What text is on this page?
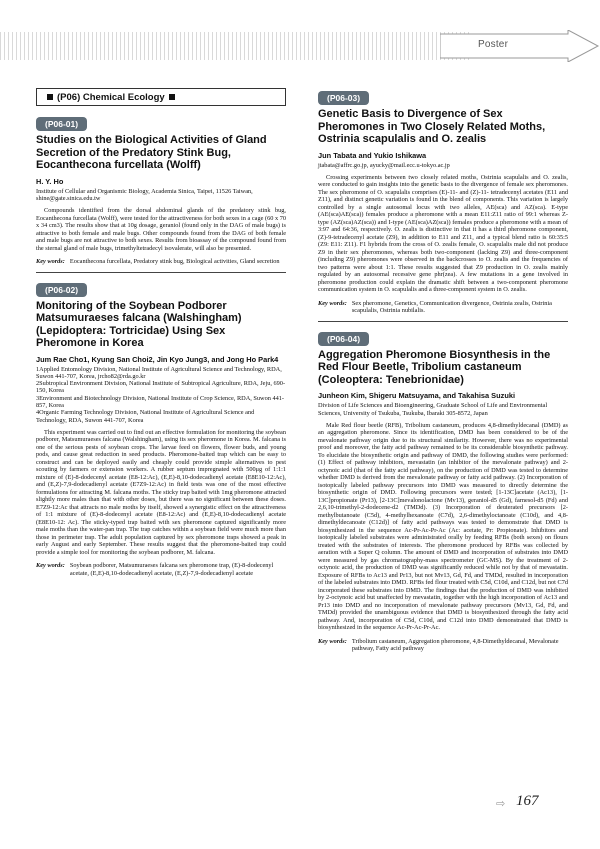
Poster
(P06) Chemical Ecology
(P06-01)
Studies on the Biological Activities of Gland Secretion of the Predatory Stink Bug, Eocanthecona furcellata (Wolff)
H. Y. Ho
Institute of Cellular and Organismic Biology, Academia Sinica, Taipei, 11526 Taiwan, shine@gate.sinica.edu.tw
Compounds identified from the dorsal abdominal glands of the predatory stink bug, Eocanthecona furcellata (Wolff), were tested for the attractiveness for both sexes in a cage (60 x 70 x 34 cm3). The results show that at 10g dosage, geraniol (found only in the DAG of male bugs) is attractive to both female and male bugs. Other compounds found from the DAG of both female and male bugs are not attractive to both sexes. Results from bioassay of the compound found from the sternal gland of male bugs, trimethyltetradecyl isovalerate, will also be presented.
Key words: Eocanthecona furcellata, Predatory stink bug, Biological activities, Gland secretion
(P06-02)
Monitoring of the Soybean Podborer Matsumuraeses falcana (Walshingham) (Lepidoptera: Tortricidae) Using Sex Pheromone in Korea
Jum Rae Cho1, Kyung San Choi2, Jin Kyo Jung3, and Jong Ho Park4
1Applied Entomology Division, National Institute of Agricultural Science and Technology, RDA, Suwon 441-707, Korea, jrcho82@rda.go.kr
2Subtropical Environment Division, National Institute of Subtropical Agriculture, RDA, Jeju, 690-150, Korea
3Environment and Biotechnology Division, National Institute of Crop Science, RDA, Suwon 441-857, Korea
4Organic Farming Technology Division, National Institute of Agricultural Science and Technology, RDA, Suwon 441-707, Korea
This experiment was carried out to find out an effective formulation for monitoring the soybean podborer, Matsumuraeses falcana (Walshingham), using its sex pheromone in Korea. M. falcana is one of the serious pests of soybean crops. The larvae feed on flowers, flower buds, and young pods, and cause great reduction in seed products. Pheromone-baited trap which can be easy to construct and can be deployed easily and cheaply could provide simple alternatives to pest scouting by farmers or extension workers. A rubber septum impregnated with 500μg of 1:1:1 mixture of (E)-8-dodecenyl acetate (E8-12:Ac), (E,E)-8,10-dodecadienyl acetate (E8E10-12:Ac), and (E,Z)-7,9-dodecadienyl acetate (E7Z9-12:Ac) in field tests was one of the most effective formulations for attracting M. falcana moths. The sticky trap baited with 1mg pheromone attracted slightly more males than that with other doses, but there was no significant between these doses. E7Z9-12:Ac that attracts no male moths by itself, showed a synergistic effect on the attractiveness of 1:1 mixture of (E)-8-dodecenyl acetate (E8-12:Ac) and (E,E)-8,10-dodecadienyl acetate (E8E10-12: Ac). The sticky-typed trap baited with sex pheromone captured significantly more male moths than the water-pan trap. The trap catches within a soybean field were much more than those in perimeter trap. The adult population captured by sex pheromone traps showed a peak in early August and early September. These results suggest that the pheromone-baited trap could provide a simple tool for monitoring the soybean podborer, M. falcana.
Key words: Soybean podborer, Matsumuraeses falcana sex pheromone trap, (E)-8-dodecenyl acetate, (E,E)-8,10-dodecadienyl acetate, (E,Z)-7,9-dodecadienyl acetate
(P06-03)
Genetic Basis to Divergence of Sex Pheromones in Two Closely Related Moths, Ostrinia scapulalis and O. zealis
Jun Tabata and Yukio Ishikawa
jtabata@affrc.go.jp, ayucky@mail.ecc.u-tokyo.ac.jp
Crossing experiments between two closely related moths, Ostrinia scapulalis and O. zealis, were conducted to gain insights into the genetic basis to the divergence of female sex pheromones. The sex pheromone of O. scapulalis comprises (E)-11- and (Z)-11- tetradecenyl acetates (E11 and Z11), and distinct genetic variation is found in the blend of components. This variation is largely controlled by a single autosomal locus with two alleles, AE(sca) and AZ(sca). E-type (AE(sca)AE(sca)) females produce a pheromone with a mean E11:Z11 ratio of 99:1 whereas Z-type (AZ(sca)AZ(sca)) and I-type (AE(sca)AZ(sca)) females produce a pheromone with a mean of 3:97 and 64:36, respectively. O. zealis is distinctive in that it has a third pheromone component, (Z)-9-tetradecenyl acetate (Z9), in addition to E11 and Z11, and a typical blend ratio is 60:35:5 (Z9: E11: Z11). F1 hybrids from the cross of O. zealis female, O. scapulalis male did not produce Z9 in their sex pheromones, whereas both two-component (lacking Z9) and three-component (including Z9) pheromones were observed in the backcrosses to O. zealis and the frequencies of two patterns were about 1:1. These results suggested that Z9 production in O. zealis mainly regulated by an autosomal recessive gene phr(zea). A few mutations in a gene involved in pheromone production could explain the dramatic shift between a two-component pheromone communication system in O. scapulalis and a three-component system in O. zealis.
Key words: Sex pheromone, Genetics, Communication divergence, Ostrinia zealis, Ostrinia scapulalis, Ostrinia nubilalis.
(P06-04)
Aggregation Pheromone Biosynthesis in the Red Flour Beetle, Tribolium castaneum (Coleoptera: Tenebrionidae)
Junheon Kim, Shigeru Matsuyama, and Takahisa Suzuki
Division of Life Sciences and Bioengineering, Graduate School of Life and Environmental Sciences, University of Tsukuba, Tsukuba, Ibaraki 305-8572, Japan
Male Red flour beetle (RFB), Tribolium castaneum, produces 4,8-dimethyldecanal (DMD) as an aggregation pheromone. Since its identification, DMD has been considered to be of the mevalonate pathway origin due to its structural similarity. However, there was no experimental proof and moreover, the fatty acid pathway remained to be its considerable biosynthetic pathway. To elucidate the biosynthetic origin and pathway of DMD, the following studies were performed: (1) Effect of pathway inhibitors, mevastatin (an inhibitor of the mevalonate pathway) and 2-octynoic acid (that of the fatty acid pathway), on the production of DMD was tested to determine whether DMD is derived from the mevalonate pathway or fatty acid pathway. (2) Incorporation of isotopically labeled pathway precursors into DMD was measured to directly determine the biosynthetic origin of DMD. Following precursors were tested; [1-13C]acetate (Ac13), [1-13C]propionate (Pr13), [2-13C]mevalonolactone (Mv13), geraniol-d5 (Gd), farnesol-d5 (Fd) and 2,6,10-trimethyl-2-dodecene-d2 (TMDd). (3) Incorporation of deuterated precursors [2-methylbutanoate (C5d), 4-methylhexanoate (C7d), 2,6-dimethyloctanoate (C10d), and 4,8-dimethyldecanoate (C12d)] of fatty acid pathways was tested to demonstrate that DMD is biosynthesized in the sequence Ac-Pr-Ac-Pr-Ac (Ac: acetate, Pr: Propionate). Inhibitors and isotopically labeled substrates were administrated orally by feeding RFBs (both sexes) on flours treated with the substrates of interests. The pheromone produced by RFBs was collected by aeration with a Super Q column. The amount of DMD and incorporation of substrates into DMD were measured by gas chromatography-mass spectrometer (GC-MS). By the treatment of 2-octynoic acid, the production of DMD was significantly reduced while not by that of mevastatin. Exposure of RFBs to Ac13 and Pr13, but not Mv13, Gd, Fd, and TMDd, resulted in incorporation of the labeled substrates into DMD. RFBs fed flour treated with C5d, C10d, and C12d, but not C7d incorporated these substrates into DMD. The findings that the production of DMD was inhibited by 2-octynoic acid but unaffected by mevastatin, together with the high incorporation of Ac13 and Pr13 into DMD and no incorporation of mevalonate pathway precursors (Mv13, Gd, Fd, and TMDd) provided the unambiguous evidence that DMD is biosynthesized through the fatty acid pathway. And, incorporation of C5d, C10d, and C12d into DMD demonstrated that DMD is biosynthesized in the sequence Ac-Pr-Ac-Pr-Ac.
Key words: Tribolium castaneum, Aggregation pheromone, 4,8-Dimethyldecanal, Mevalonate pathway, Fatty acid pathway
⇨ 167
